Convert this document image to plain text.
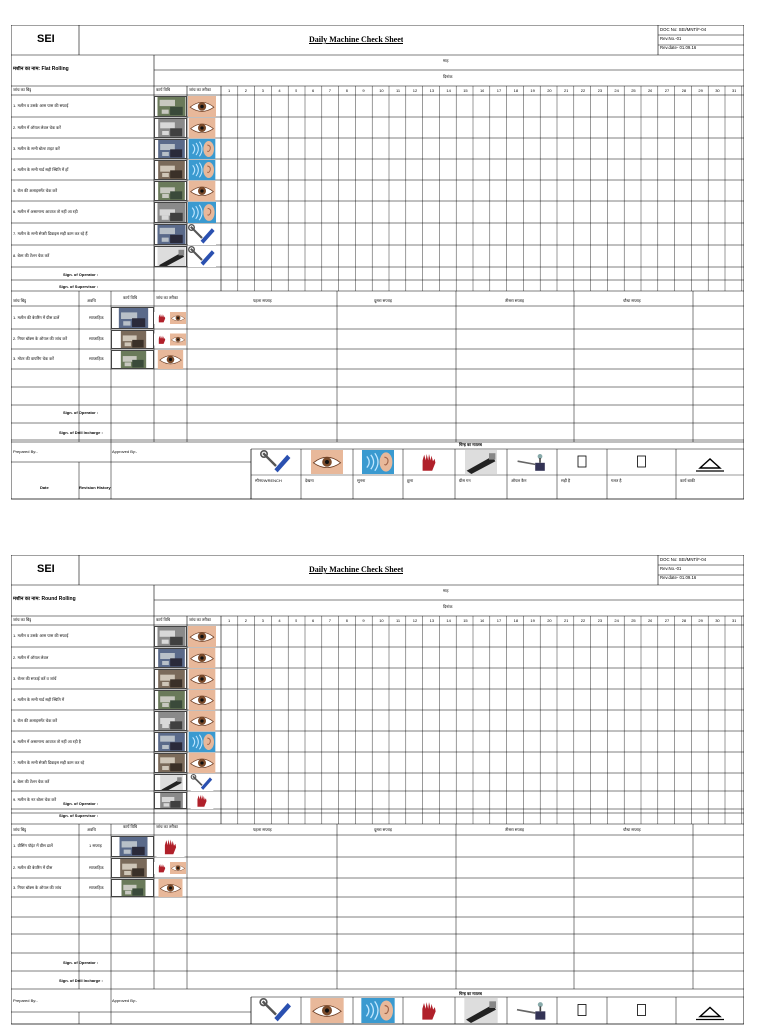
SEI	Daily Machine Check Sheet
DOC No: SEI/MNT/F-04
Rev.No.-01
Rev.date- 01.09.16
मशीन का नाम: Flat Rolling
माह
दिनांक
जांच का बिंदु	कार्य विधि	जांच का तरीका	1	2	3	4	5	6	7	8	9	10	11	12	13	14	15	16	17	18	19	20	21	22	23	24	25	26	27	28	29	30	31
1. मशीन व उसके आस पास की सफाई
2. मशीन में ऑयल लेवल चेक करें
3. मशीन के सभी बोल्ट टाइट करें
4. मशीन के सभी गार्ड सही स्थिति में हों
5. रोल की अलाइनमेंट चेक करें
6. मशीन में असामान्य आवाज तो नहीं आ रही
7. मशीन के सभी सेफ्टी डिवाइस सही काम कर रहे हैं
8. बेल्ट की टेंशन चेक करें
Sign. of Operator :
Sign. of Supervisor :
जांच बिंदु	अवधि
कार्य विधि	जांच का तरीका
पहला सप्ताह	दूसरा सप्ताह	तीसरा सप्ताह	चौथा सप्ताह
1. मशीन की बेयरिंग में ग्रीस डालें	साप्ताहिक
2. गियर बॉक्स के ऑयल की जांच करें	साप्ताहिक
3. मोटर की वायरिंग चेक करें	साप्ताहिक
Sign. of Operator :
Sign. of Drill Incharge :
Prepared By:-	Approved By:-
चिन्ह का मतलब
Date	Revision History
स्पैनर/WRENCH	देखना	सुनना	छूना	ग्रीस गन	ऑयल कैन	सही है	गलत है	कार्य बाकी
SEI	Daily Machine Check Sheet
DOC No: SEI/MNT/F-04
Rev.No.-01
Rev.date- 01.09.16
मशीन का नाम: Round Rolling
माह
दिनांक
जांच का बिंदु	कार्य विधि	जांच का तरीका	1	2	3	4	5	6	7	8	9	10	11	12	13	14	15	16	17	18	19	20	21	22	23	24	25	26	27	28	29	30	31
1. मशीन व उसके आस पास की सफाई
2. मशीन में ऑयल लेवल
3. रोलर की सफाई करें व जांचें
4. मशीन के सभी गार्ड सही स्थिति में
5. रोल की अलाइनमेंट चेक करें
6. मशीन में असामान्य आवाज तो नहीं आ रही है
7. मशीन के सभी सेफ्टी डिवाइस सही काम कर रहे
8. बेल्ट की टेंशन चेक करें
9. मशीन के नट बोल्ट चेक करें
Sign. of Operator :
Sign. of Supervisor :
जांच बिंदु	अवधि
कार्य विधि	जांच का तरीका
पहला सप्ताह	दूसरा सप्ताह	तीसरा सप्ताह	चौथा सप्ताह
1. ग्रीसिंग पॉइंट में ग्रीस डालें	1 सप्ताह
2. मशीन की बेयरिंग में ग्रीस	साप्ताहिक
3. गियर बॉक्स के ऑयल की जांच	साप्ताहिक
Sign. of Operator :
Sign. of Drill Incharge :
Prepared By:-	Approved By:-
चिन्ह का मतलब
